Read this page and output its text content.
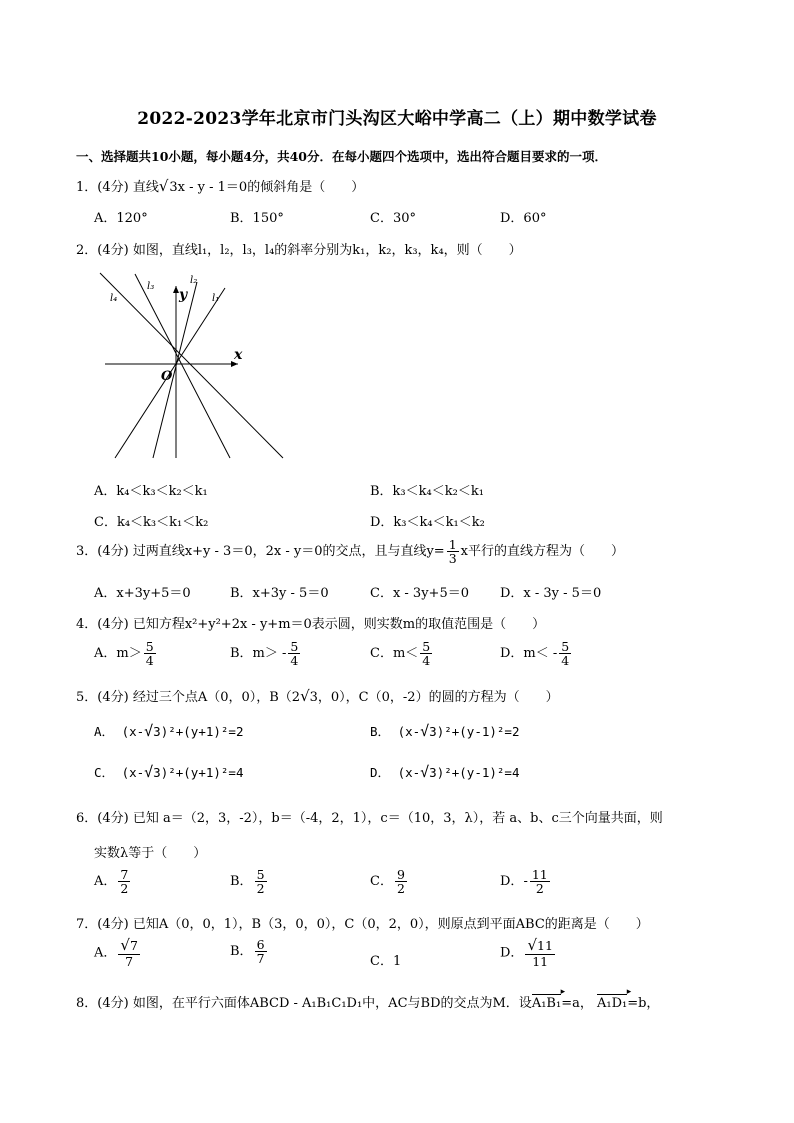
2022-2023学年北京市门头沟区大峪中学高二（上）期中数学试卷
一、选择题共10小题，每小题4分，共40分．在每小题四个选项中，选出符合题目要求的一项．
1．(4分) 直线√3x - y - 1＝0的倾斜角是（　　）
A．120°	B．150°	C．30°	D．60°
2．(4分) 如图，直线l₁，l₂，l₃，l₄的斜率分别为k₁，k₂，k₃，k₄，则（　　）
l₄
l₃
l₂
l₁
x
y
O
A．k₄＜k₃＜k₂＜k₁	B．k₃＜k₄＜k₂＜k₁
C．k₄＜k₃＜k₁＜k₂	D．k₃＜k₄＜k₁＜k₂
3．(4分) 过两直线x+y - 3＝0，2x - y＝0的交点，且与直线$y= \frac{1}{3}$ x平行的直线方程为（　　）
A．x+3y+5＝0	B．x+3y - 5＝0	C．x - 3y+5＝0 D．x - 3y - 5＝0
4．(4分) 已知方程x²+y²+2x - y+m＝0表示圆，则实数m的取值范围是（　　）
A．$m> \frac{5}{4}$	B．$m> - \frac{5}{4}$	C．$m< \frac{5}{4}$	D．$m< - \frac{5}{4}$
5．(4分) 经过三个点A（0，0），B（2√3，0），C（0，-2）的圆的方程为（　　）
A． (x-√3)²+(y+1)²=2	B． (x-√3)²+(y-1)²=2
C． (x-√3)²+(y+1)²=4	D． (x-√3)²+(y-1)²=4
6．(4分) 已知 a＝（2，3，-2），b＝（-4，2，1），c＝（10，3，λ），若 a、b、c三个向量共面，则
实数λ等于（　　）
A． $\frac{7}{2}$	B． $\frac{5}{2}$	C． $\frac{9}{2}$	D．- $\frac{11}{2}$
7．(4分) 已知A（0，0，1），B（3，0，0），C（0，2，0），则原点到平面ABC的距离是（　　）
A． $\frac{√7}{7}$	B． $\frac{6}{7}$	C．1
D． $\frac{√11}{11}$
8．(4分) 如图，在平行六面体ABCD - A₁B₁C₁D₁中，AC与BD的交点为M．设A₁B₁ ▸=a， A₁D₁ ▸=b，
